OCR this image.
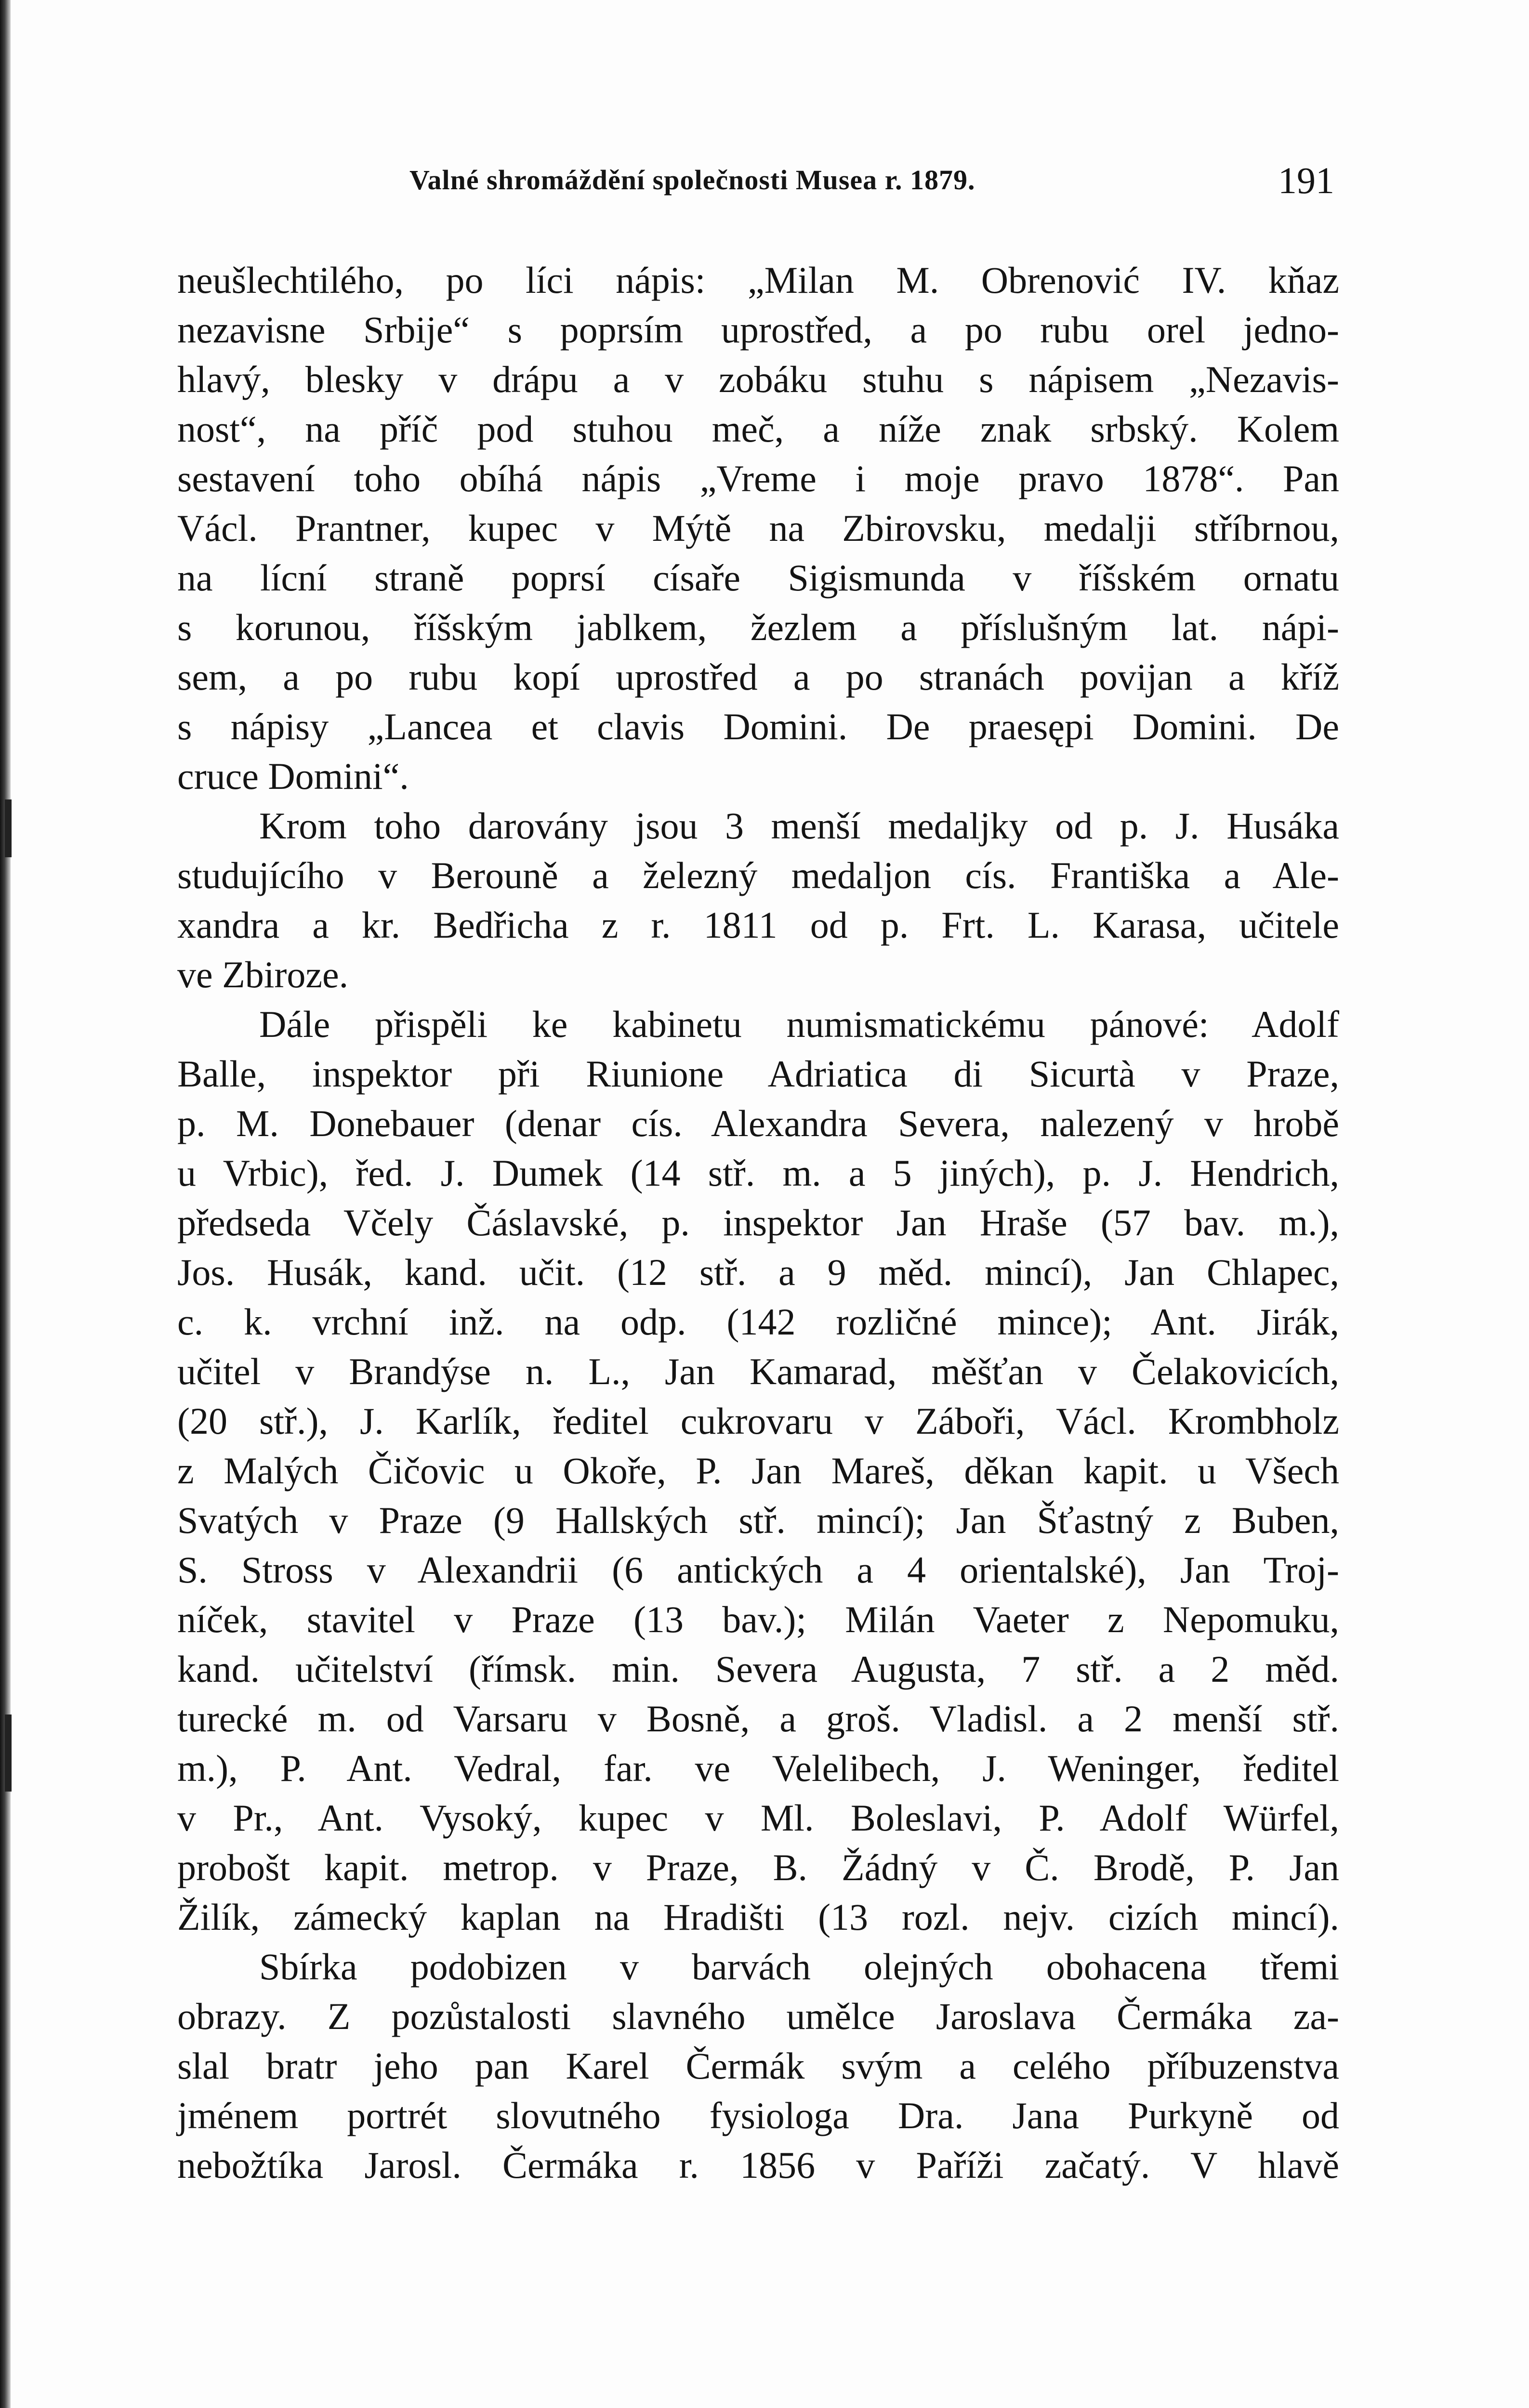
Valné shromáždění společnosti Musea r. 1879.	191
neušlechtilého, po líci nápis: „Milan M. Obrenović IV. kňaz
nezavisne Srbije“ s poprsím uprostřed, a po rubu orel jedno-
hlavý, blesky v drápu a v zobáku stuhu s nápisem „Nezavis-
nost“, na příč pod stuhou meč, a níže znak srbský. Kolem
sestavení toho obíhá nápis „Vreme i moje pravo 1878“. Pan
Václ. Prantner, kupec v Mýtě na Zbirovsku, medalji stříbrnou,
na lícní straně poprsí císaře Sigismunda v říšském ornatu
s korunou, říšským jablkem, žezlem a příslušným lat. nápi-
sem, a po rubu kopí uprostřed a po stranách povijan a kříž
s nápisy „Lancea et clavis Domini. De praesępi Domini. De
cruce Domini“.
Krom toho darovány jsou 3 menší medaljky od p. J. Husáka
studujícího v Berouně a železný medaljon cís. Františka a Ale-
xandra a kr. Bedřicha z r. 1811 od p. Frt. L. Karasa, učitele
ve Zbiroze.
Dále přispěli ke kabinetu numismatickému pánové: Adolf
Balle, inspektor při Riunione Adriatica di Sicurtà v Praze,
p. M. Donebauer (denar cís. Alexandra Severa, nalezený v hrobě
u Vrbic), řed. J. Dumek (14 stř. m. a 5 jiných), p. J. Hendrich,
předseda Včely Čáslavské, p. inspektor Jan Hraše (57 bav. m.),
Jos. Husák, kand. učit. (12 stř. a 9 měd. mincí), Jan Chlapec,
c. k. vrchní inž. na odp. (142 rozličné mince); Ant. Jirák,
učitel v Brandýse n. L., Jan Kamarad, měšťan v Čelakovicích,
(20 stř.), J. Karlík, ředitel cukrovaru v Záboři, Václ. Krombholz
z Malých Čičovic u Okoře, P. Jan Mareš, děkan kapit. u Všech
Svatých v Praze (9 Hallských stř. mincí); Jan Šťastný z Buben,
S. Stross v Alexandrii (6 antických a 4 orientalské), Jan Troj-
níček, stavitel v Praze (13 bav.); Milán Vaeter z Nepomuku,
kand. učitelství (římsk. min. Severa Augusta, 7 stř. a 2 měd.
turecké m. od Varsaru v Bosně, a groš. Vladisl. a 2 menší stř.
m.), P. Ant. Vedral, far. ve Velelibech, J. Weninger, ředitel
v Pr., Ant. Vysoký, kupec v Ml. Boleslavi, P. Adolf Würfel,
probošt kapit. metrop. v Praze, B. Žádný v Č. Brodě, P. Jan
Žilík, zámecký kaplan na Hradišti (13 rozl. nejv. cizích mincí).
Sbírka podobizen v barvách olejných obohacena třemi
obrazy. Z pozůstalosti slavného umělce Jaroslava Čermáka za-
slal bratr jeho pan Karel Čermák svým a celého příbuzenstva
jménem portrét slovutného fysiologa Dra. Jana Purkyně od
nebožtíka Jarosl. Čermáka r. 1856 v Paříži začatý. V hlavě
